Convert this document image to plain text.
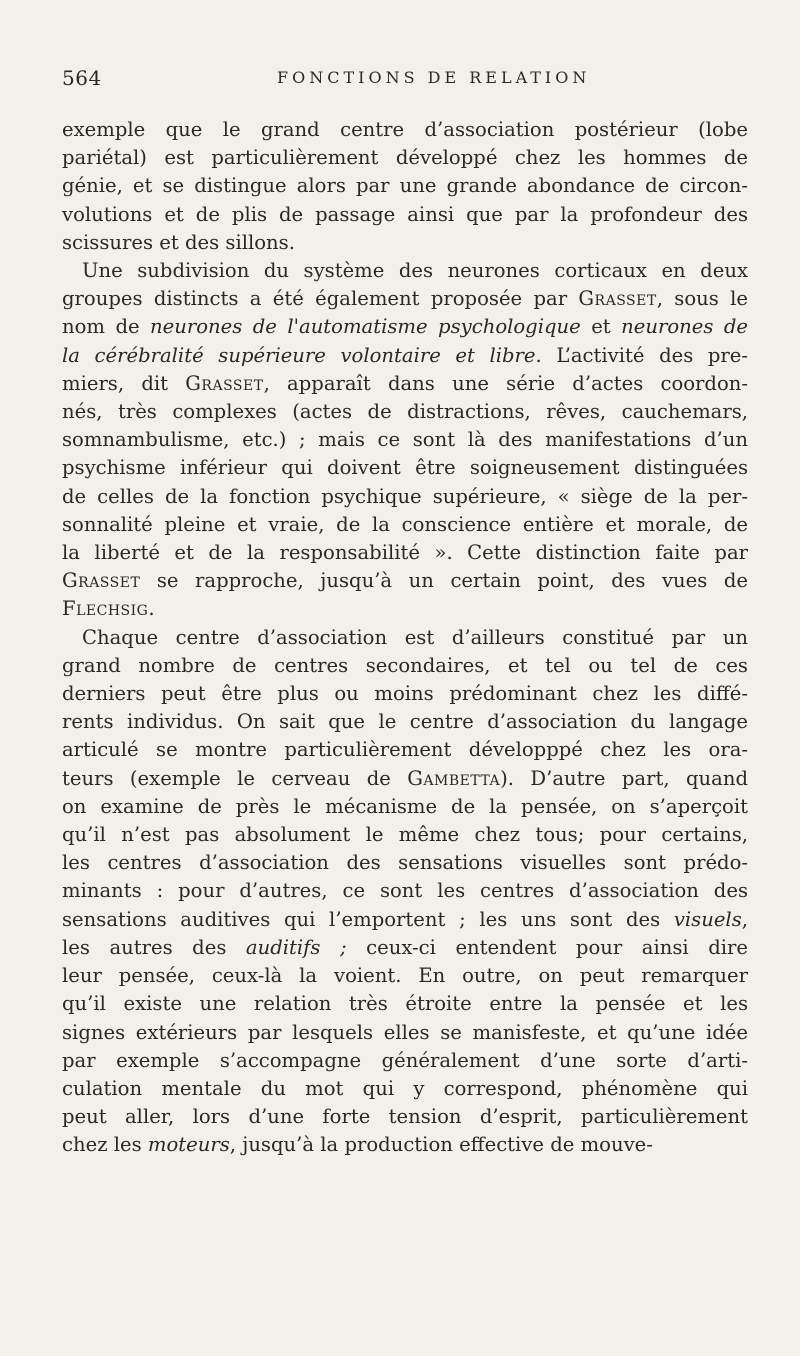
564	FONCTIONS DE RELATION

exemple que le grand centre d’association postérieur (lobe

pariétal) est particulièrement développé chez les hommes de

génie, et se distingue alors par une grande abondance de circon-

volutions et de plis de passage ainsi que par la profondeur des

scissures et des sillons.

Une subdivision du système des neurones corticaux en deux

groupes distincts a été également proposée par Grasset, sous le

nom de neurones de l'automatisme psychologique et neurones de

la cérébralité supérieure volontaire et libre. L’activité des pre-

miers, dit Grasset, apparaît dans une série d’actes coordon-

nés, très complexes (actes de distractions, rêves, cauchemars,

somnambulisme, etc.) ; mais ce sont là des manifestations d’un

psychisme inférieur qui doivent être soigneusement distinguées

de celles de la fonction psychique supérieure, « siège de la per-

sonnalité pleine et vraie, de la conscience entière et morale, de

la liberté et de la responsabilité ». Cette distinction faite par

Grasset se rapproche, jusqu’à un certain point, des vues de

Flechsig.

Chaque centre d’association est d’ailleurs constitué par un

grand nombre de centres secondaires, et tel ou tel de ces

derniers peut être plus ou moins prédominant chez les diffé-

rents individus. On sait que le centre d’association du langage

articulé se montre particulièrement développpé chez les ora-

teurs (exemple le cerveau de Gambetta). D’autre part, quand

on examine de près le mécanisme de la pensée, on s’aperçoit

qu’il n’est pas absolument le même chez tous; pour certains,

les centres d’association des sensations visuelles sont prédo-

minants : pour d’autres, ce sont les centres d’association des

sensations auditives qui l’emportent ; les uns sont des visuels,

les autres des auditifs ; ceux-ci entendent pour ainsi dire

leur pensée, ceux-là la voient. En outre, on peut remarquer

qu’il existe une relation très étroite entre la pensée et les

signes extérieurs par lesquels elles se manisfeste, et qu’une idée

par exemple s’accompagne généralement d’une sorte d’arti-

culation mentale du mot qui y correspond, phénomène qui

peut aller, lors d’une forte tension d’esprit, particulièrement

chez les moteurs, jusqu’à la production effective de mouve-
